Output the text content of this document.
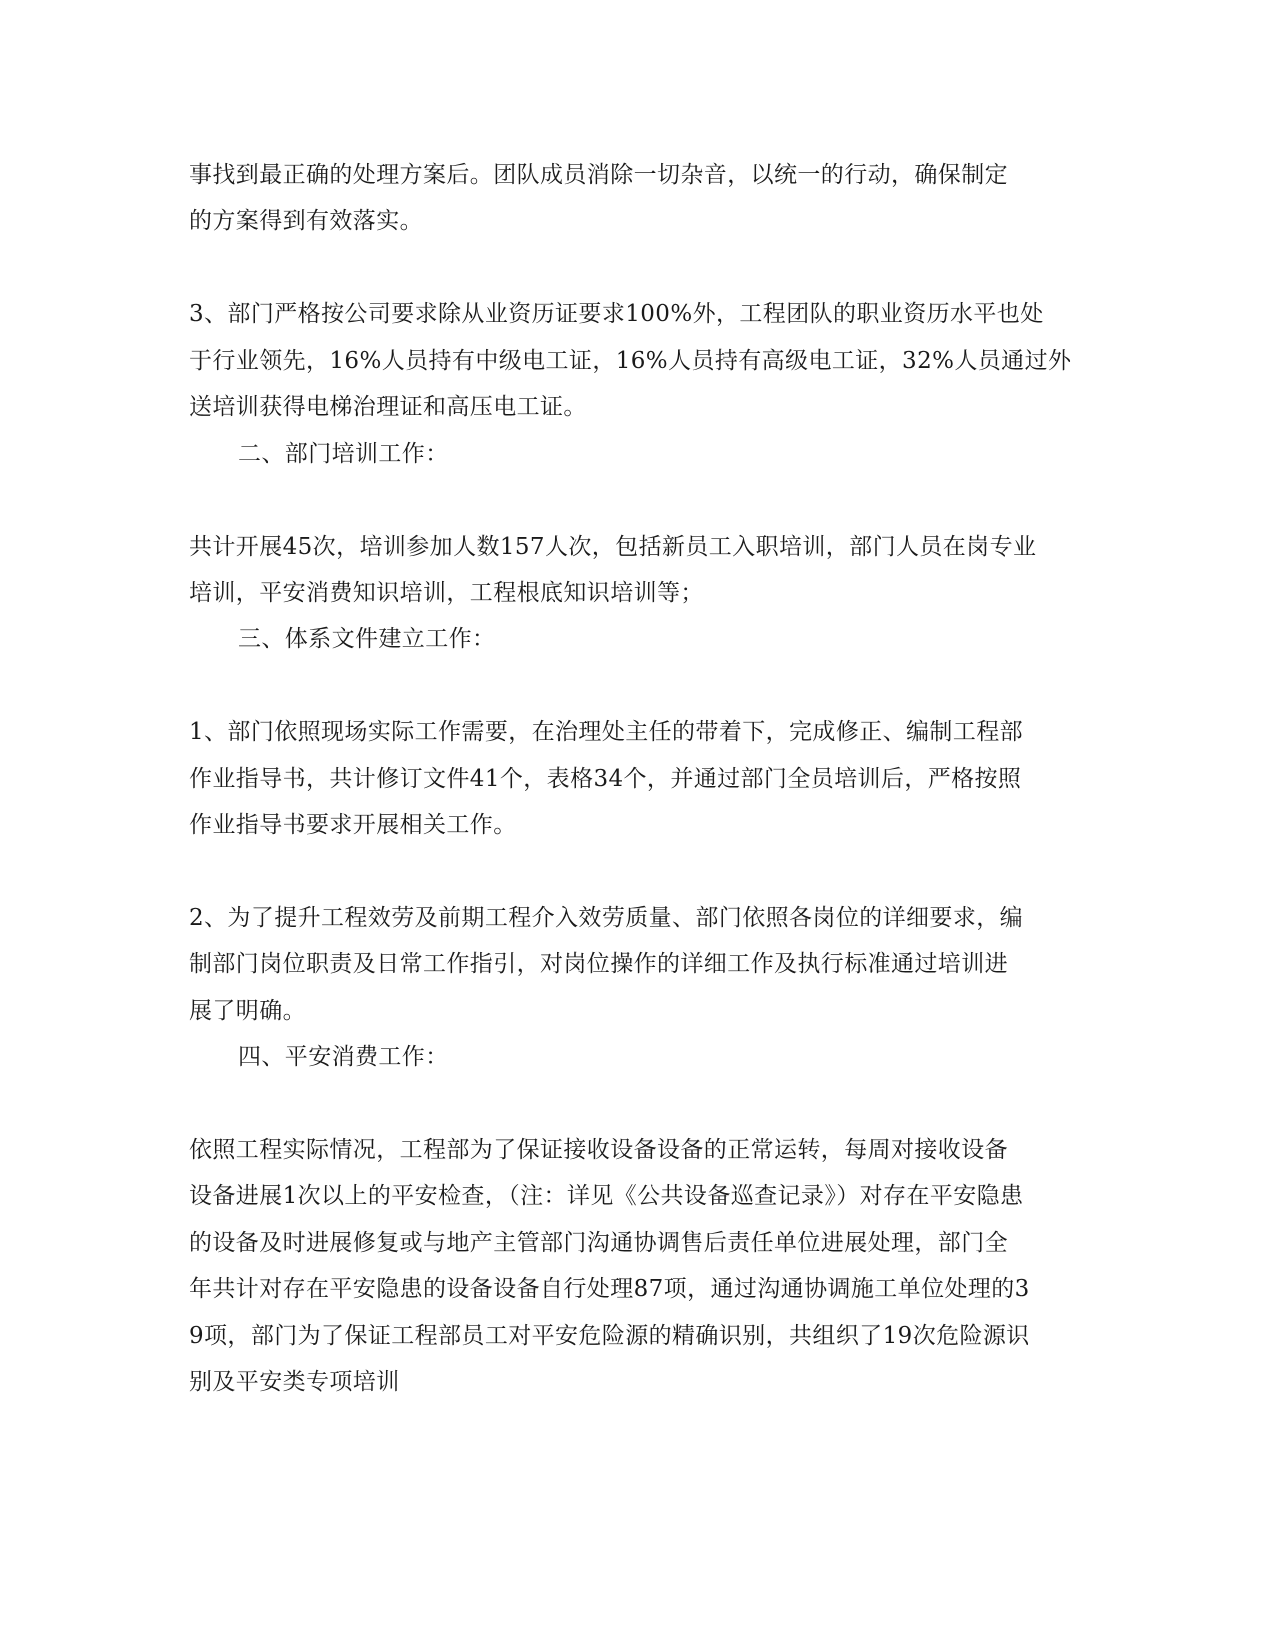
事找到最正确的处理方案后。团队成员消除一切杂音，以统一的行动，确保制定

的方案得到有效落实。

3、部门严格按公司要求除从业资历证要求100%外，工程团队的职业资历水平也处

于行业领先，16%人员持有中级电工证，16%人员持有高级电工证，32%人员通过外

送培训获得电梯治理证和高压电工证。

二、部门培训工作：

共计开展45次，培训参加人数157人次，包括新员工入职培训，部门人员在岗专业

培训，平安消费知识培训，工程根底知识培训等；

三、体系文件建立工作：

1、部门依照现场实际工作需要，在治理处主任的带着下，完成修正、编制工程部

作业指导书，共计修订文件41个，表格34个，并通过部门全员培训后，严格按照

作业指导书要求开展相关工作。

2、为了提升工程效劳及前期工程介入效劳质量、部门依照各岗位的详细要求，编

制部门岗位职责及日常工作指引，对岗位操作的详细工作及执行标准通过培训进

展了明确。

四、平安消费工作：

依照工程实际情况，工程部为了保证接收设备设备的正常运转，每周对接收设备

设备进展1次以上的平安检查，（注：详见《公共设备巡查记录》）对存在平安隐患

的设备及时进展修复或与地产主管部门沟通协调售后责任单位进展处理，部门全

年共计对存在平安隐患的设备设备自行处理87项，通过沟通协调施工单位处理的3

9项，部门为了保证工程部员工对平安危险源的精确识别，共组织了19次危险源识

别及平安类专项培训
